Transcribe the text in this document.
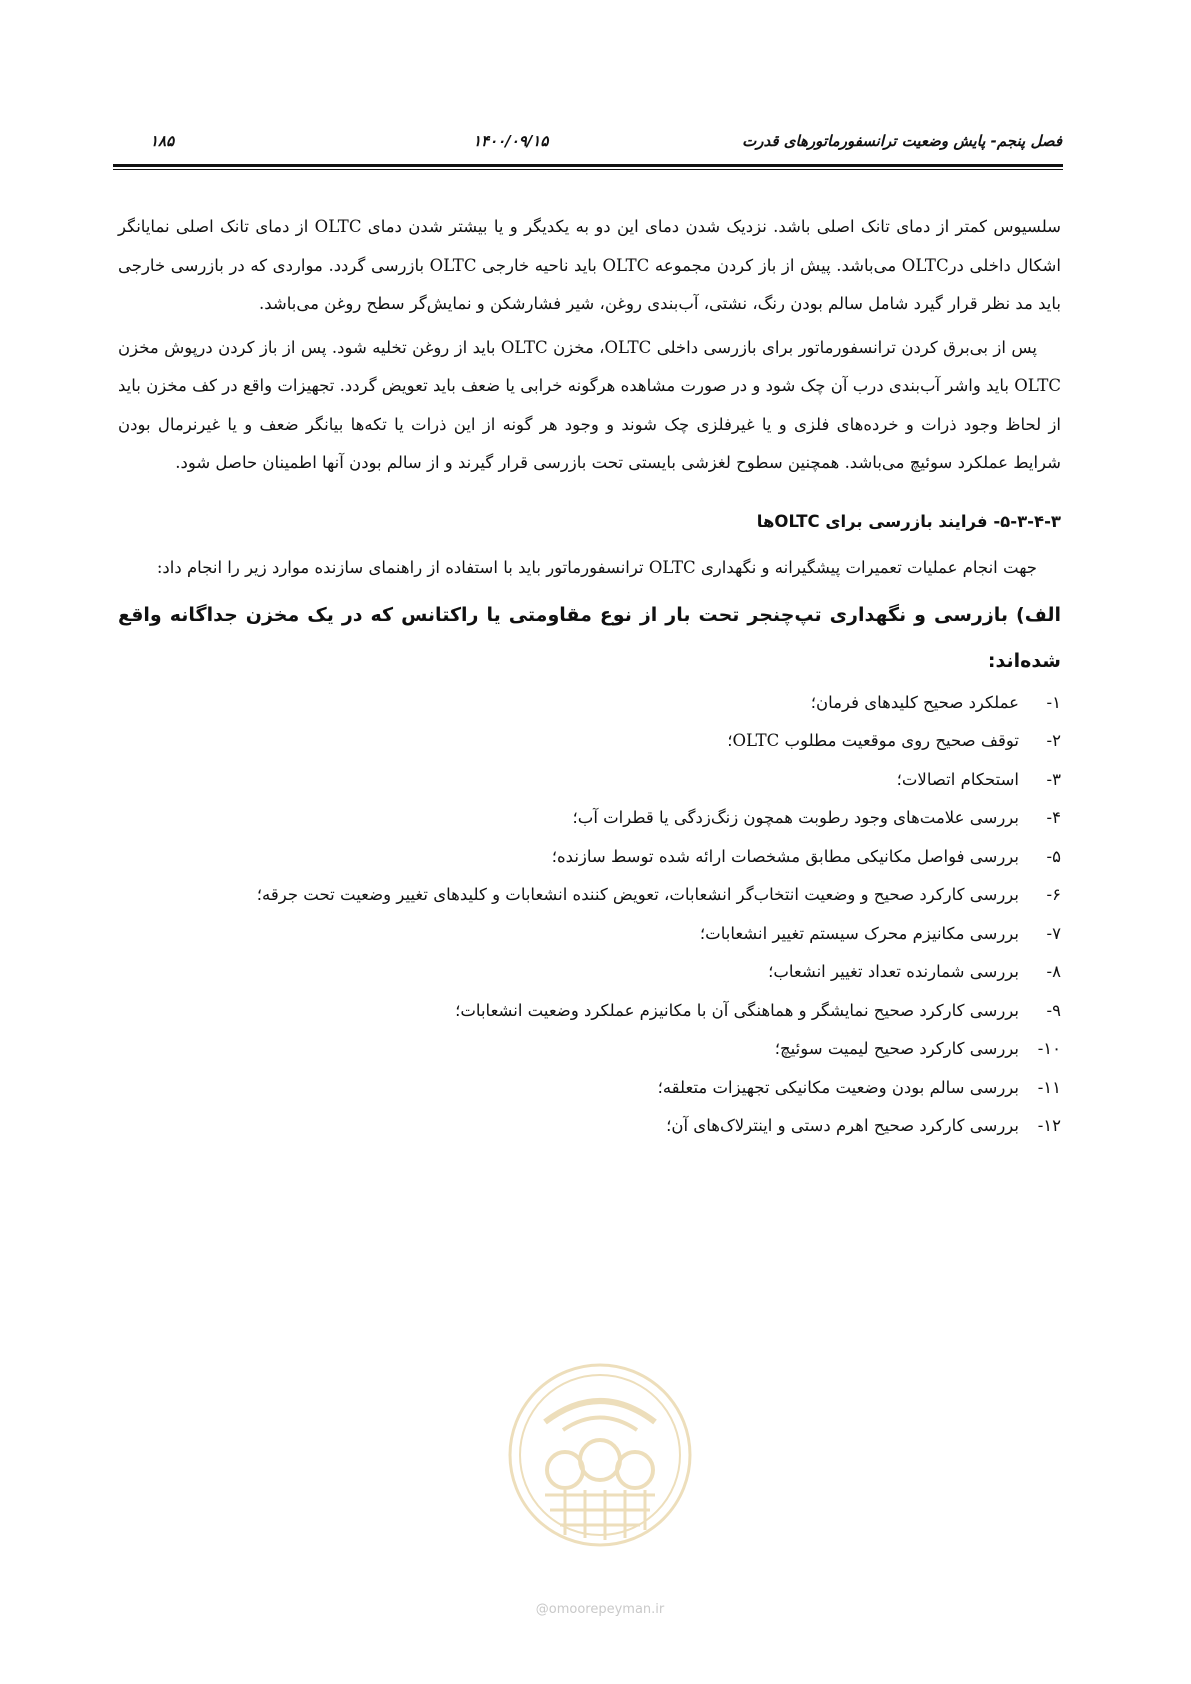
فصل پنجم- پایش وضعیت ترانسفورماتورهای قدرت
۱۴۰۰/۰۹/۱۵
۱۸۵

سلسیوس کمتر از دمای تانک اصلی باشد. نزدیک شدن دمای این دو به یکدیگر و یا بیشتر شدن دمای OLTC از دمای تانک اصلی نمایانگر اشکال داخلی درOLTC می‌باشد. پیش از باز کردن مجموعه OLTC باید ناحیه خارجی OLTC بازرسی گردد. مواردی که در بازرسی خارجی باید مد نظر قرار گیرد شامل سالم بودن رنگ، نشتی، آب‌بندی روغن، شیر فشارشکن و نمایش‌گر سطح روغن می‌باشد.

پس از بی‌برق کردن ترانسفورماتور برای بازرسی داخلی OLTC، مخزن OLTC باید از روغن تخلیه شود. پس از باز کردن درپوش مخزن OLTC باید واشر آب‌بندی درب آن چک شود و در صورت مشاهده هرگونه خرابی یا ضعف باید تعویض گردد. تجهیزات واقع در کف مخزن باید از لحاظ وجود ذرات و خرده‌های فلزی و یا غیرفلزی چک شوند و وجود هر گونه از این ذرات یا تکه‌ها بیانگر ضعف و یا غیرنرمال بودن شرایط عملکرد سوئیچ می‌باشد. همچنین سطوح لغزشی بایستی تحت بازرسی قرار گیرند و از سالم بودن آنها اطمینان حاصل شود.

۵-۳-۴-۳- فرایند بازرسی برای OLTCها

جهت انجام عملیات تعمیرات پیشگیرانه و نگهداری OLTC ترانسفورماتور باید با استفاده از راهنمای سازنده موارد زیر را انجام داد:

الف) بازرسی و نگهداری تپ‌چنجر تحت بار از نوع مقاومتی یا راکتانس که در یک مخزن جداگانه واقع شده‌اند:

۱-
عملکرد صحیح کلیدهای فرمان؛
۲-
توقف صحیح روی موقعیت مطلوب OLTC؛
۳-
استحکام اتصالات؛
۴-
بررسی علامت‌های وجود رطوبت همچون زنگ‌زدگی یا قطرات آب؛
۵-
بررسی فواصل مکانیکی مطابق مشخصات ارائه شده توسط سازنده؛
۶-
بررسی کارکرد صحیح و وضعیت انتخاب‌گر انشعابات، تعویض کننده انشعابات و کلیدهای تغییر وضعیت تحت جرقه؛
۷-
بررسی مکانیزم محرک سیستم تغییر انشعابات؛
۸-
بررسی شمارنده تعداد تغییر انشعاب؛
۹-
بررسی کارکرد صحیح نمایشگر و هماهنگی آن با مکانیزم عملکرد وضعیت انشعابات؛
۱۰-
بررسی کارکرد صحیح لیمیت سوئیچ؛
۱۱-
بررسی سالم بودن وضعیت مکانیکی تجهیزات متعلقه؛
۱۲-
بررسی کارکرد صحیح اهرم دستی و اینترلاک‌های آن؛
@omoorepeyman.ir
